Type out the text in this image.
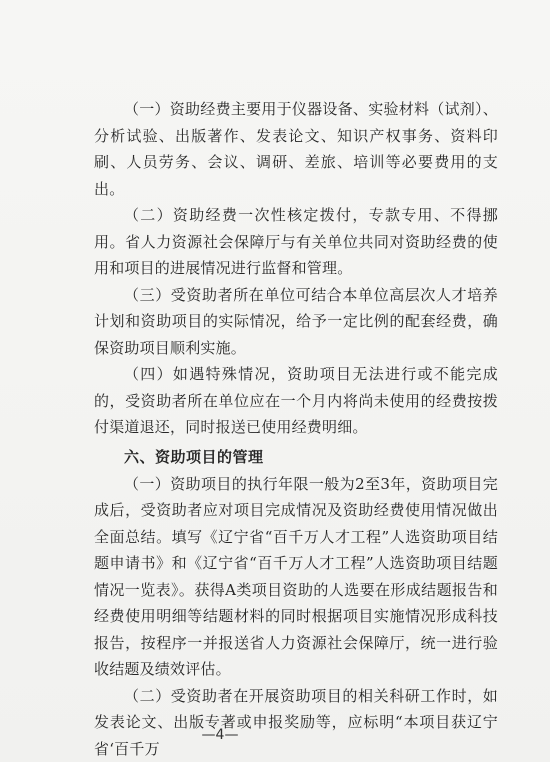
（一）资助经费主要用于仪器设备、实验材料（试剂）、分析试验、出版著作、发表论文、知识产权事务、资料印刷、人员劳务、会议、调研、差旅、培训等必要费用的支出。

（二）资助经费一次性核定拨付，专款专用、不得挪用。省人力资源社会保障厅与有关单位共同对资助经费的使用和项目的进展情况进行监督和管理。

（三）受资助者所在单位可结合本单位高层次人才培养计划和资助项目的实际情况，给予一定比例的配套经费，确保资助项目顺利实施。

（四）如遇特殊情况，资助项目无法进行或不能完成的，受资助者所在单位应在一个月内将尚未使用的经费按拨付渠道退还，同时报送已使用经费明细。

六、资助项目的管理

（一）资助项目的执行年限一般为2至3年，资助项目完成后，受资助者应对项目完成情况及资助经费使用情况做出全面总结。填写《辽宁省“百千万人才工程”人选资助项目结题申请书》和《辽宁省“百千万人才工程”人选资助项目结题情况一览表》。获得A类项目资助的人选要在形成结题报告和经费使用明细等结题材料的同时根据项目实施情况形成科技报告，按程序一并报送省人力资源社会保障厅，统一进行验收结题及绩效评估。

（二）受资助者在开展资助项目的相关科研工作时，如发表论文、出版专著或申报奖励等，应标明“本项目获辽宁省‘百千万

—4—
